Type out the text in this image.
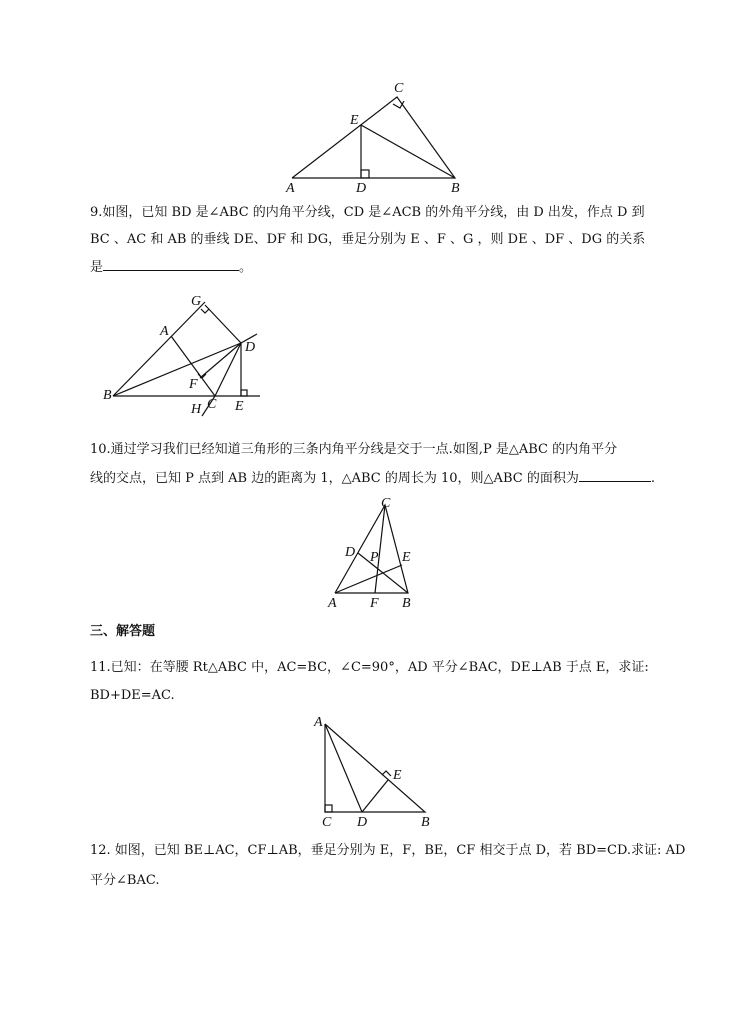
A	B
C
D
E
9.如图，已知 BD 是∠ABC 的内角平分线，CD 是∠ACB 的外角平分线，由 D 出发，作点 D 到
BC 、AC 和 AB 的垂线 DE、DF 和 DG，垂足分别为 E 、F 、G ，则 DE 、DF 、DG 的关系
是	。
B
A
G
D
F
C
H E
10.通过学习我们已经知道三角形的三条内角平分线是交于一点.如图,P 是△ABC 的内角平分
线的交点，已知 P 点到 AB 边的距离为 1，△ABC 的周长为 10，则△ABC 的面积为	.
A	B
C
D	E
F
P
三、解答题
11.已知：在等腰 Rt△ABC 中，AC=BC，∠C=90°，AD 平分∠BAC，DE⊥AB 于点 E，求证:
BD+DE=AC.
A
C D	B
E
12. 如图，已知 BE⊥AC，CF⊥AB，垂足分别为 E，F，BE，CF 相交于点 D，若 BD=CD.求证: AD
平分∠BAC.
